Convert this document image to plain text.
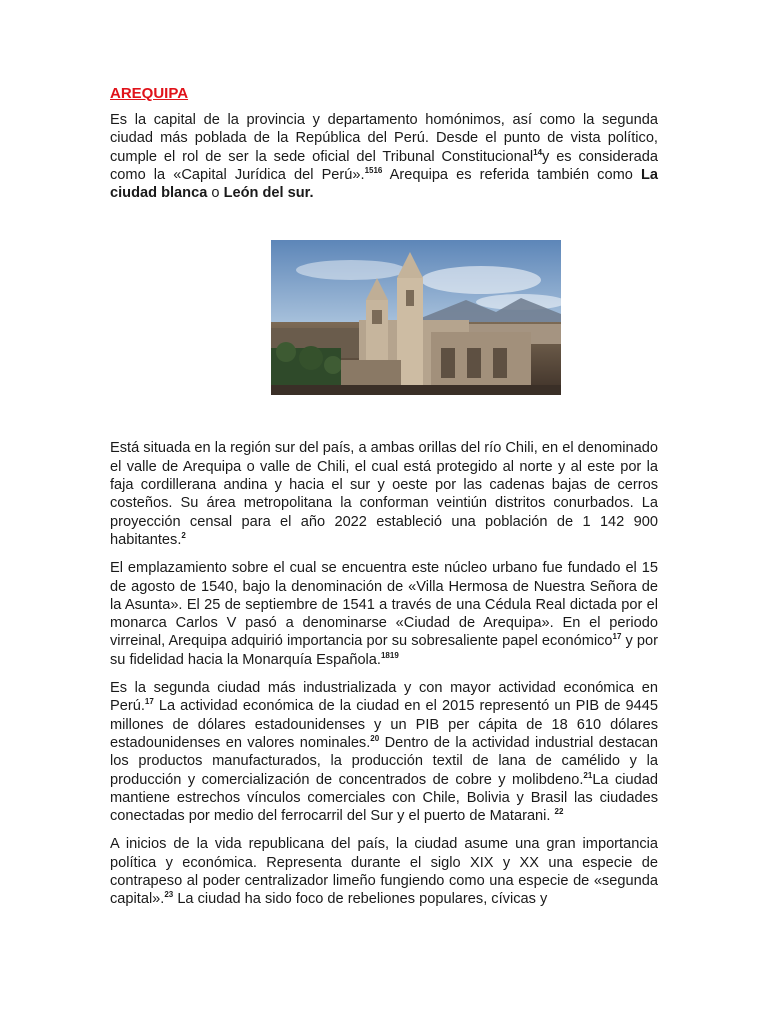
AREQUIPA

Es la capital de la provincia y departamento homónimos, así como la segunda ciudad más poblada de la República del Perú. Desde el punto de vista político, cumple el rol de ser la sede oficial del Tribunal Constitucional$^{14}$y es considerada como la «Capital Jurídica del Perú».$^{1516}$ Arequipa es referida también como La ciudad blanca o León del sur.

Está situada en la región sur del país, a ambas orillas del río Chili, en el denominado el valle de Arequipa o valle de Chili, el cual está protegido al norte y al este por la faja cordillerana andina y hacia el sur y oeste por las cadenas bajas de cerros costeños. Su área metropolitana la conforman veintiún distritos conurbados. La proyección censal para el año 2022 estableció una población de 1 142 900 habitantes.$^2$

El emplazamiento sobre el cual se encuentra este núcleo urbano fue fundado el 15 de agosto de 1540, bajo la denominación de «Villa Hermosa de Nuestra Señora de la Asunta». El 25 de septiembre de 1541 a través de una Cédula Real dictada por el monarca Carlos V pasó a denominarse «Ciudad de Arequipa». En el periodo virreinal, Arequipa adquirió importancia por su sobresaliente papel económico$^{17}$ y por su fidelidad hacia la Monarquía Española.$^{1819}$

Es la segunda ciudad más industrializada y con mayor actividad económica en Perú.$^{17}$ La actividad económica de la ciudad en el 2015 representó un PIB de 9445 millones de dólares estadounidenses y un PIB per cápita de 18 610 dólares estadounidenses en valores nominales.$^{20}$ Dentro de la actividad industrial destacan los productos manufacturados, la producción textil de lana de camélido y la producción y comercialización de concentrados de cobre y molibdeno.$^{21}$La ciudad mantiene estrechos vínculos comerciales con Chile, Bolivia y Brasil las ciudades conectadas por medio del ferrocarril del Sur y el puerto de Matarani. $^{22}$

A inicios de la vida republicana del país, la ciudad asume una gran importancia política y económica. Representa durante el siglo XIX y XX una especie de contrapeso al poder centralizador limeño fungiendo como una especie de «segunda capital».$^{23}$ La ciudad ha sido foco de rebeliones populares, cívicas y
